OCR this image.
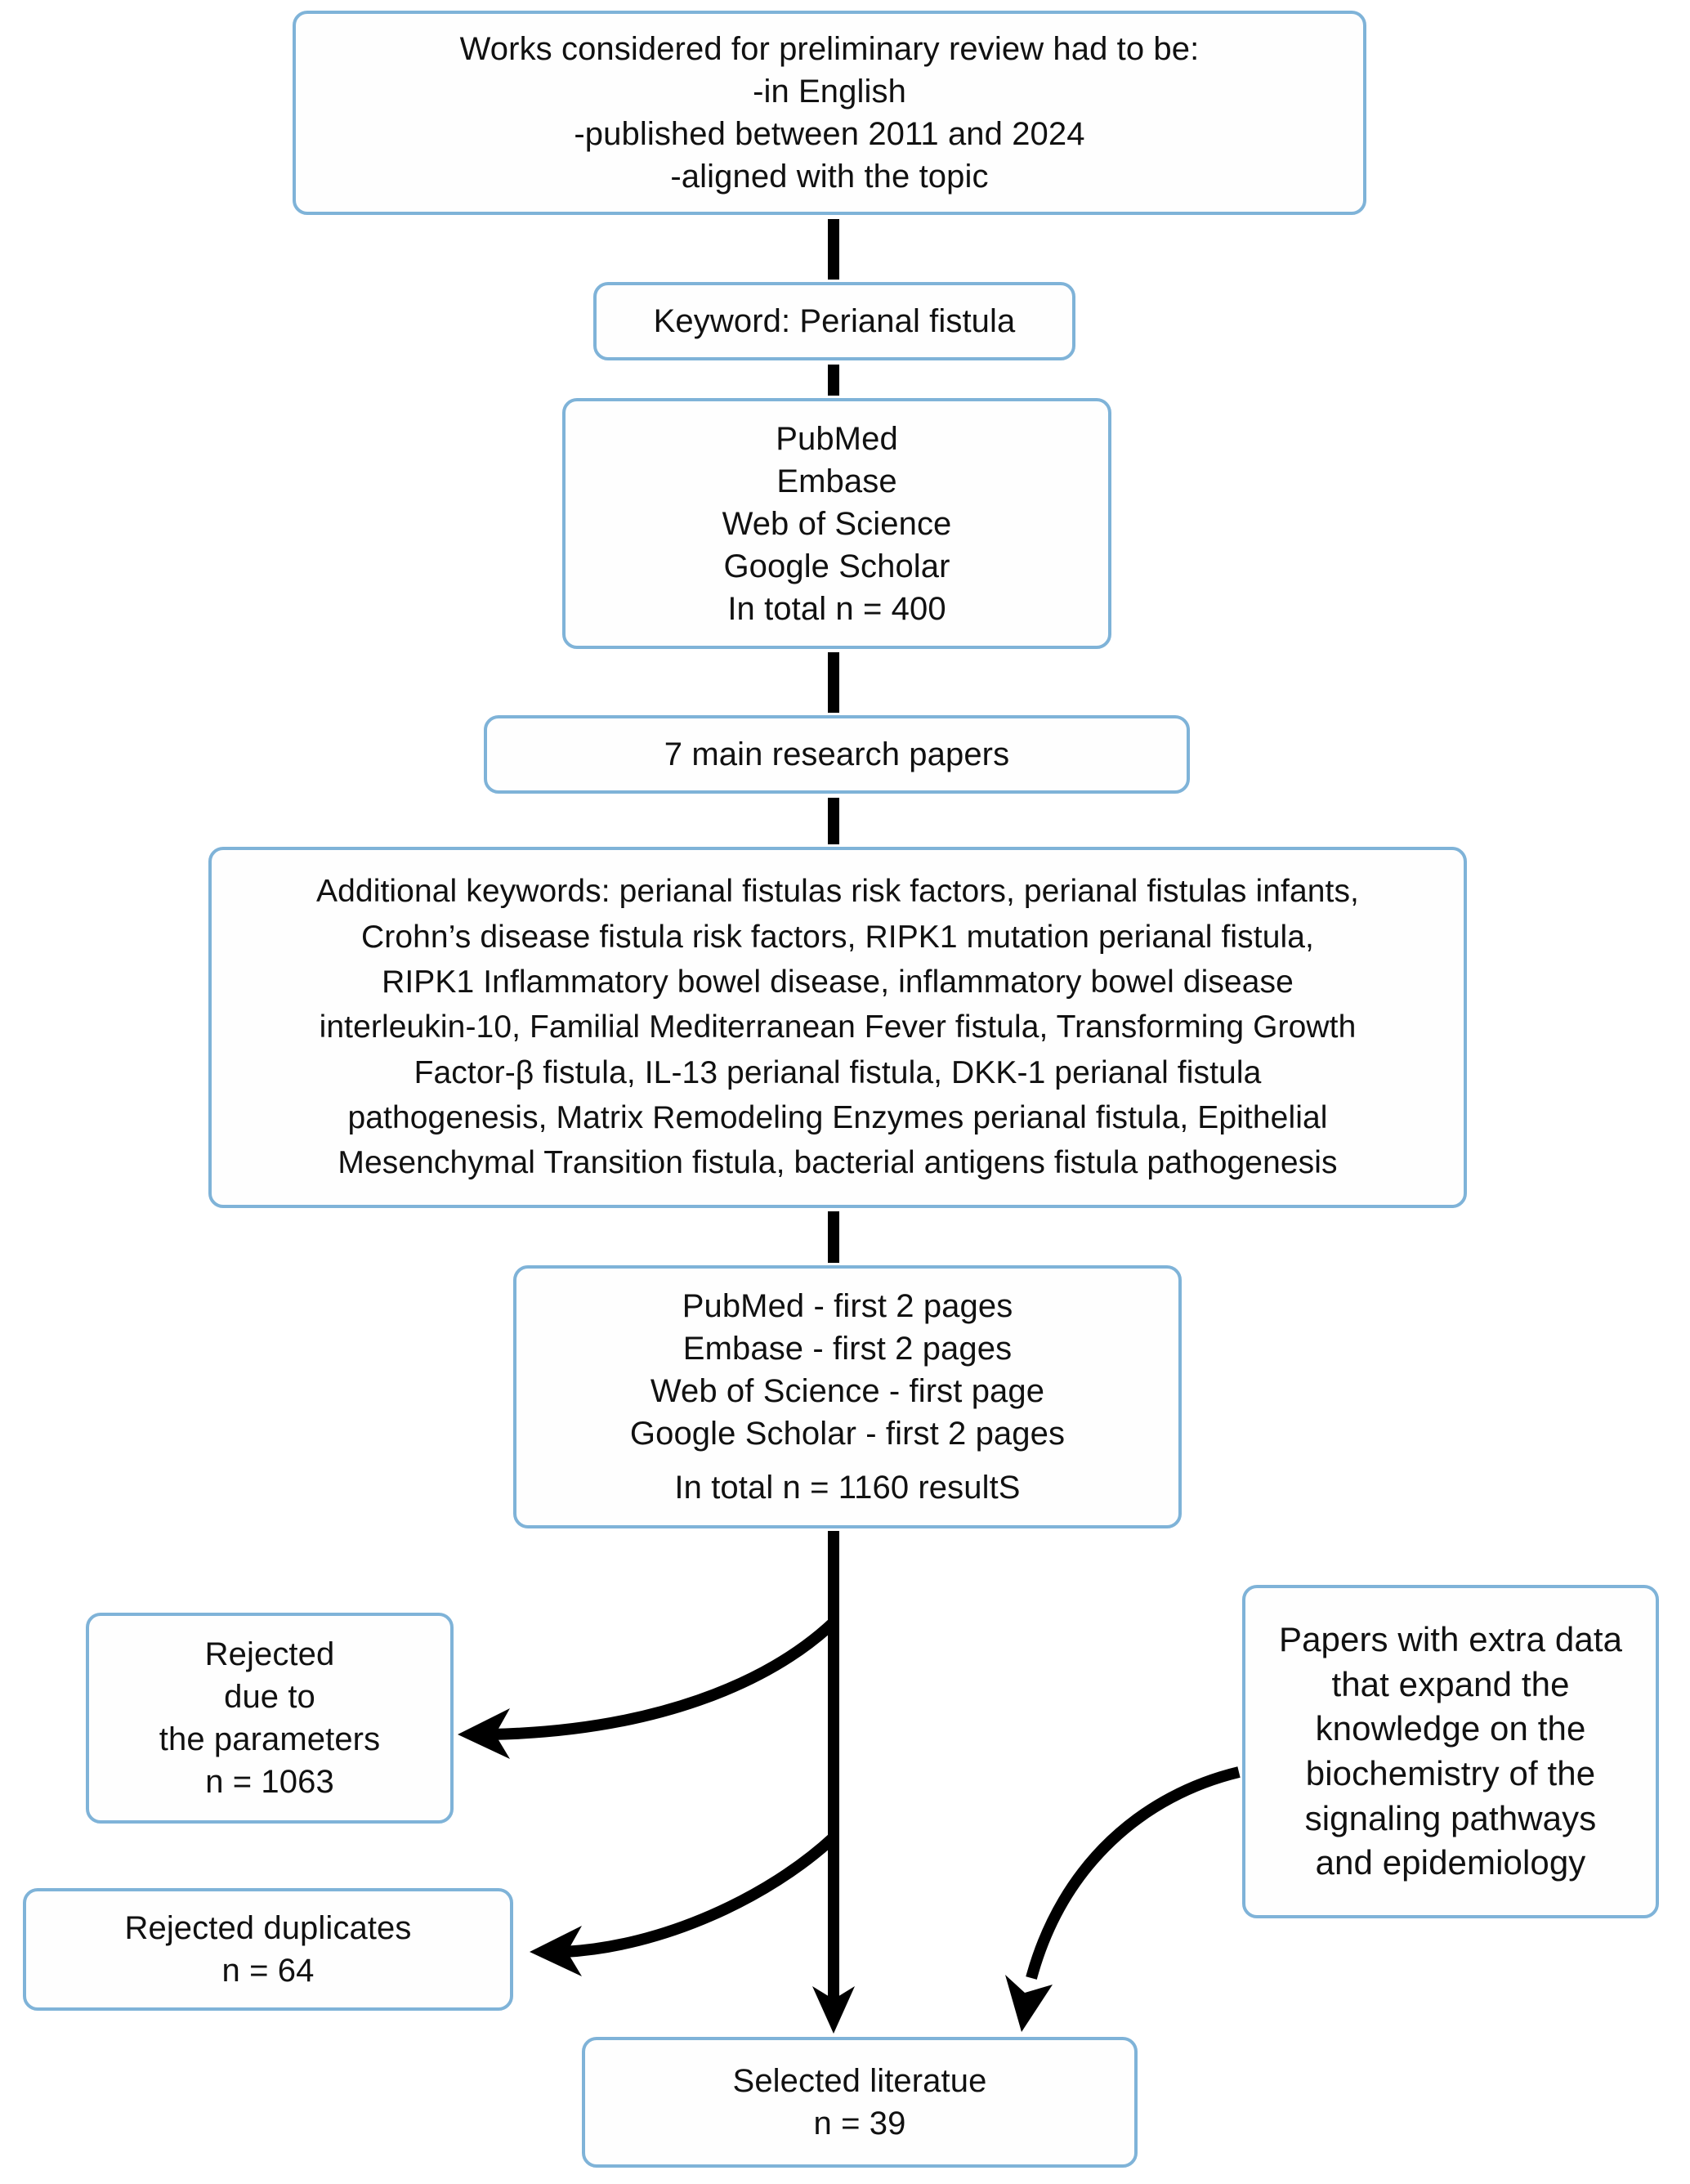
Works considered for preliminary review had to be:
-in English
-published between 2011 and 2024
-aligned with the topic
Keyword: Perianal fistula
PubMed
Embase
Web of Science
Google Scholar
In total n = 400
7 main research papers
Additional keywords: perianal fistulas risk factors, perianal fistulas infants,
Crohn’s disease fistula risk factors, RIPK1 mutation perianal fistula,
RIPK1 Inflammatory bowel disease, inflammatory bowel disease
interleukin-10, Familial Mediterranean Fever fistula, Transforming Growth
Factor-β fistula, IL-13 perianal fistula, DKK-1 perianal fistula
pathogenesis, Matrix Remodeling Enzymes perianal fistula, Epithelial
Mesenchymal Transition fistula, bacterial antigens fistula pathogenesis
PubMed - first 2 pages
Embase - first 2 pages
Web of Science - first page
Google Scholar - first 2 pages
In total n = 1160 resultS
Rejected
due to
the parameters
n = 1063
Rejected duplicates
n = 64
Papers with extra data
that expand the
knowledge on the
biochemistry of the
signaling pathways
and epidemiology
Selected literatue
n = 39
